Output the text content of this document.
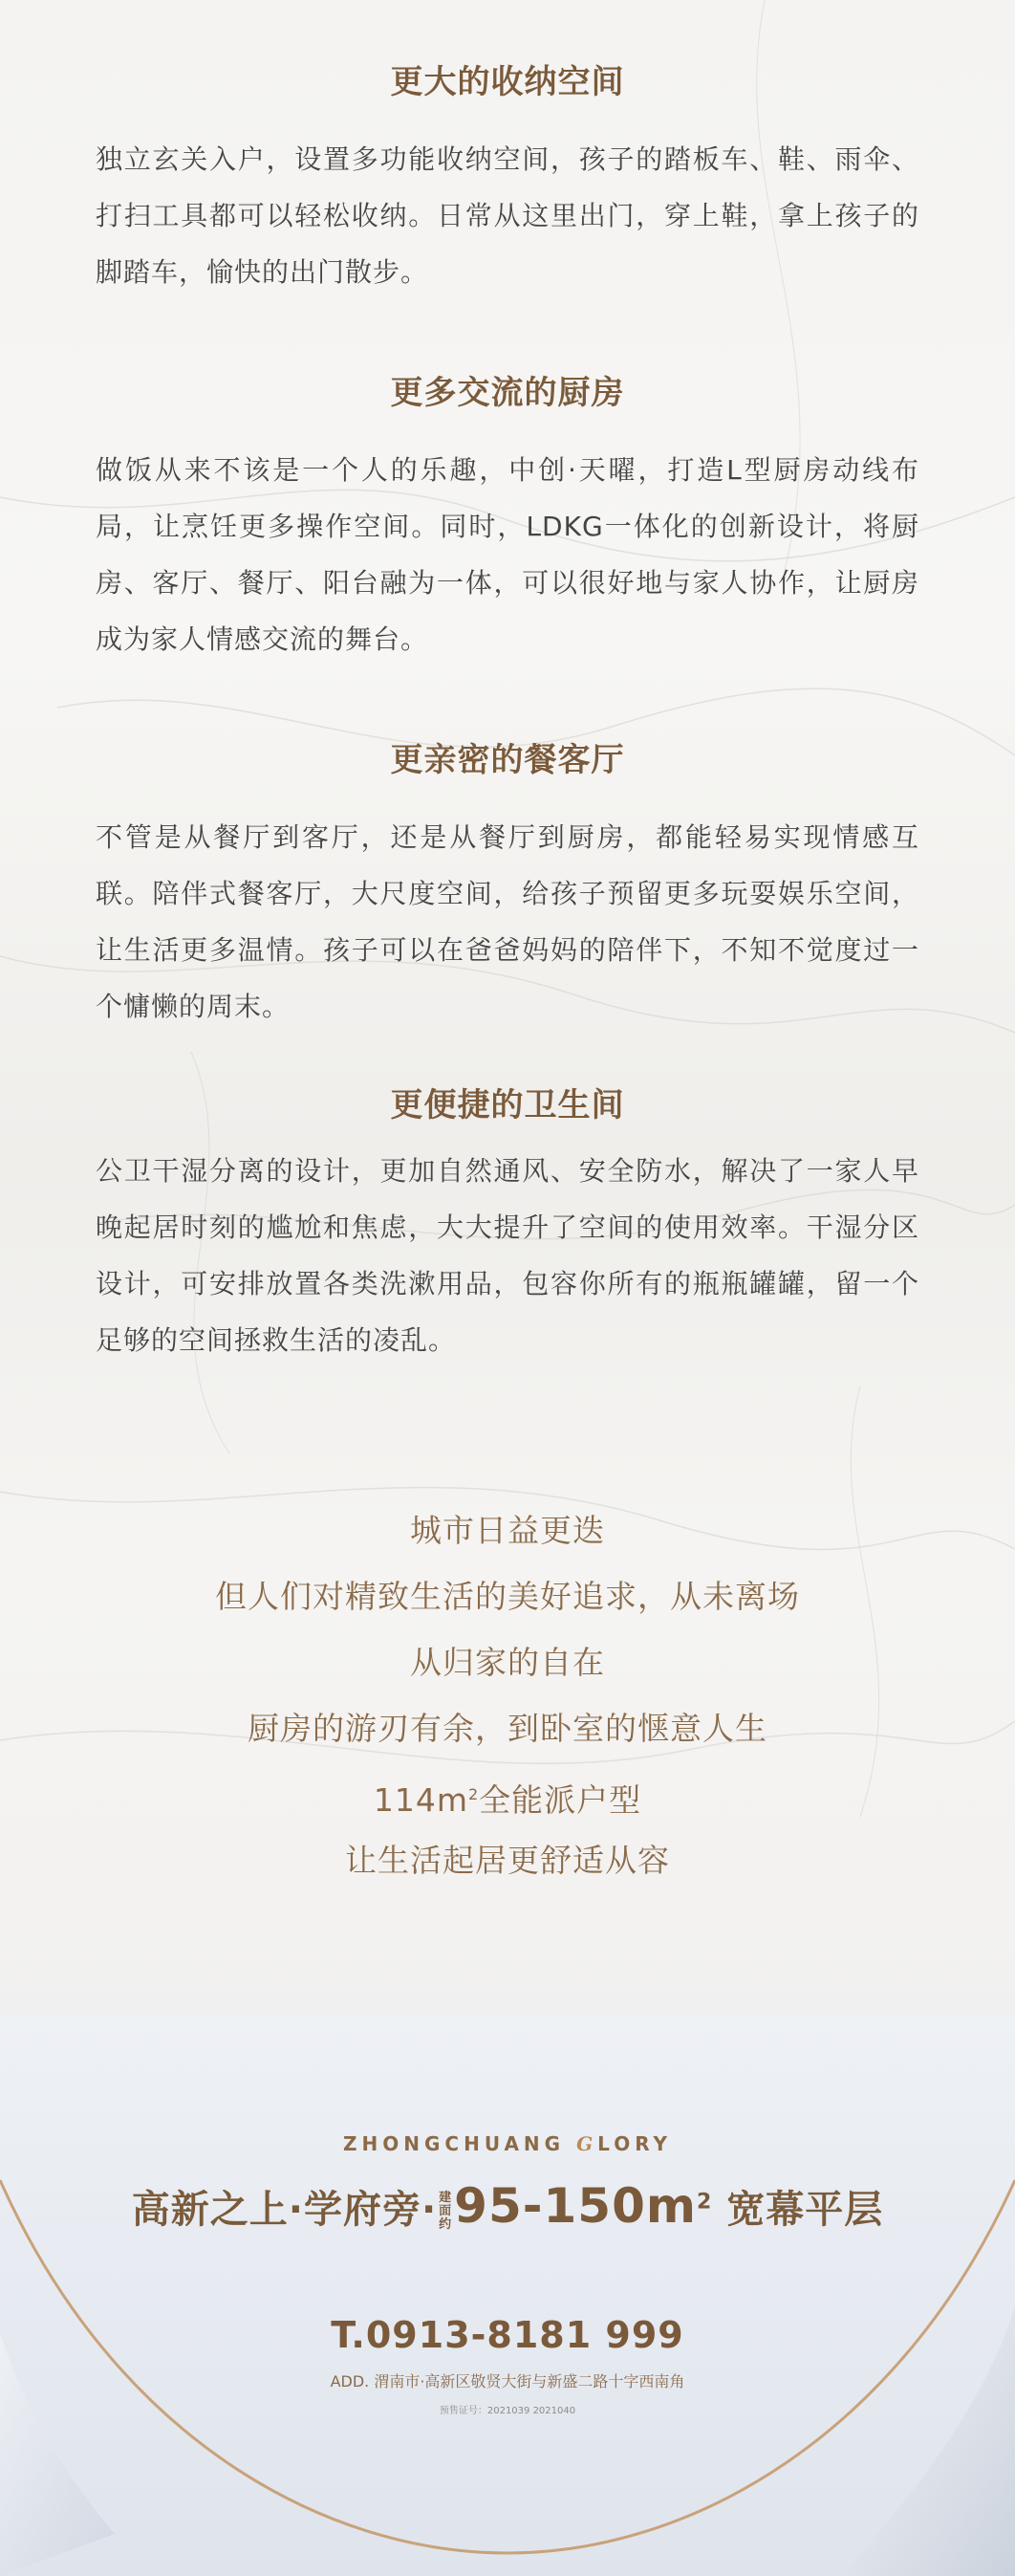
更大的收纳空间

独立玄关入户，设置多功能收纳空间，孩子的踏板车、鞋、雨伞、打扫工具都可以轻松收纳。日常从这里出门，穿上鞋，拿上孩子的脚踏车，愉快的出门散步。

更多交流的厨房

做饭从来不该是一个人的乐趣，中创·天曜，打造L型厨房动线布局，让烹饪更多操作空间。同时，LDKG一体化的创新设计，将厨房、客厅、餐厅、阳台融为一体，可以很好地与家人协作，让厨房成为家人情感交流的舞台。

更亲密的餐客厅

不管是从餐厅到客厅，还是从餐厅到厨房，都能轻易实现情感互联。陪伴式餐客厅，大尺度空间，给孩子预留更多玩耍娱乐空间，让生活更多温情。孩子可以在爸爸妈妈的陪伴下，不知不觉度过一个慵懒的周末。

更便捷的卫生间

公卫干湿分离的设计，更加自然通风、安全防水，解决了一家人早晚起居时刻的尴尬和焦虑，大大提升了空间的使用效率。干湿分区设计，可安排放置各类洗漱用品，包容你所有的瓶瓶罐罐，留一个足够的空间拯救生活的凌乱。

城市日益更迭
但人们对精致生活的美好追求，从未离场
从归家的自在
厨房的游刃有余，到卧室的惬意人生
$114m^2$全能派户型
让生活起居更舒适从容
ZHONGCHUANG GLORY
高新之上·学府旁· 建面约$95-150m^2$ 宽幕平层
T.0913-8181 999
ADD. 渭南市·高新区敬贤大街与新盛二路十字西南角
预售证号：2021039 2021040
